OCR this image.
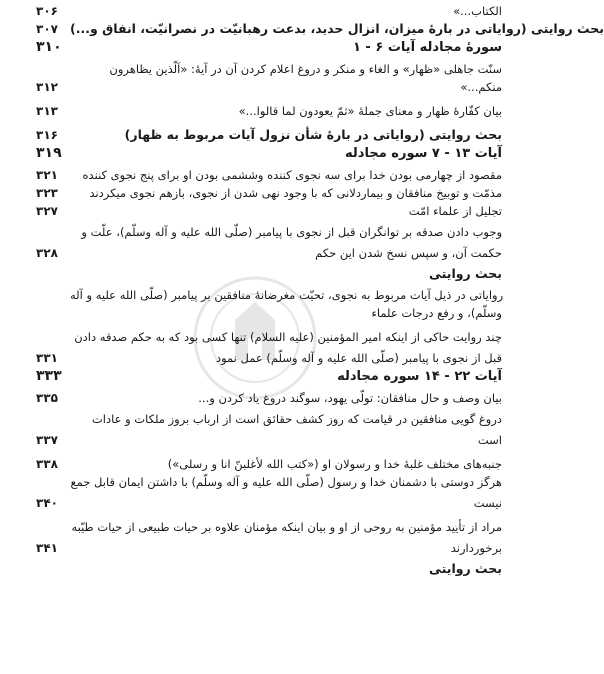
۳۰۶	الکتاب...»
۳۰۷ بحث روایتی (روایاتی در بارهٔ میزان، انزال حدید، بدعت رهبانیّت در نصرانیّت، انفاق و...)
۳۱۰	سورهٔ مجادله آیات ۶ - ۱
سنّت جاهلی «ظهار» و الغاء و منکر و دروغ اعلام کردن آن در آیهٔ: «اَلّذین یظاهرون
۳۱۲	منکم...»
۳۱۳	بیان کفّارهٔ ظهار و معنای جملهٔ «ثمّ یعودون لما قالوا...»
۳۱۶	بحث روایتی (روایاتی در بارهٔ شأن نزول آیات مربوط به ظهار)
۳۱۹	آیات ۱۳ - ۷ سوره مجادله
۳۲۱	مقصود از چهارمی بودن خدا برای سه نجوی کننده وششمی بودن او برای پنج نجوی کننده
۳۲۳	مذمّت و توبیخ منافقان و بیماردلانی که با وجود نهی شدن از نجوی، بازهم نجوی میکردند
۳۲۷	تجلیل از علماء امّت
وجوب دادن صدقه بر توانگران قبل از نجوی با پیامبر (صلّی الله علیه و آله وسلّم)، علّت و
۳۲۸	حکمت آن، و سپس نسخ شدن این حکم
بحث روایتی
روایاتی در ذیل آیات مربوط به نجوی، تحیّت مغرضانهٔ منافقین بر پیامبر (صلّی الله علیه و آله
وسلّم)، و رفع درجات علماء
چند روایت حاکی از اینکه امیر المؤمنین (علیه السلام) تنها کسی بود که به حکم صدقه دادن
۳۳۱	قبل از نجوی با پیامبر (صلّی الله علیه و آله وسلّم) عمل نمود
۳۳۳	آیات ۲۲ - ۱۴ سوره مجادله
۳۳۵	بیان وصف و حال منافقان: تولّی یهود، سوگند دروغ یاد کردن و...
دروغ گویی منافقین در قیامت که روز کشف حقائق است از ارباب بروز ملکات و عادات
۳۳۷	است
۳۳۸	جنبه‌های مختلف غلبهٔ خدا و رسولان او («کتب الله لأغلبنّ انا و رسلی»)
هرگز دوستی با دشمنان خدا و رسول (صلّی الله علیه و آله وسلّم) با داشتن ایمان قابل جمع
۳۴۰	نیست
مراد از تأیید مؤمنین به روحی از او و بیان اینکه مؤمنان علاوه بر حیات طبیعی از حیات طیّبه
۳۴۱	برخوردارند
بحث روایتی
